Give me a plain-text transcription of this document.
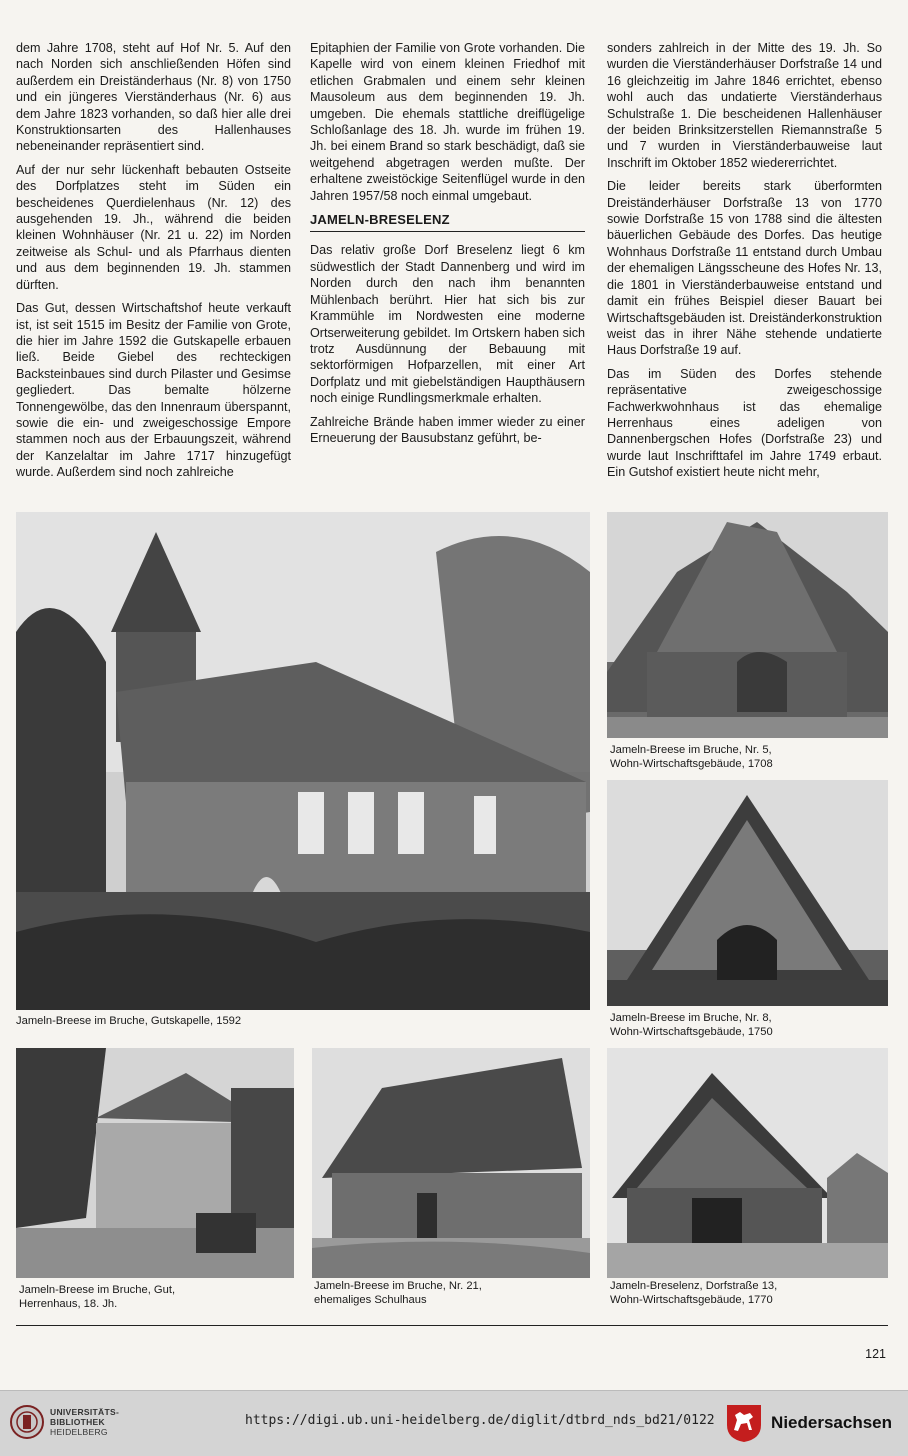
dem Jahre 1708, steht auf Hof Nr. 5. Auf den nach Norden sich anschließenden Höfen sind außerdem ein Dreiständerhaus (Nr. 8) von 1750 und ein jüngeres Vierständerhaus (Nr. 6) aus dem Jahre 1823 vorhanden, so daß hier alle drei Konstruktionsarten des Hallenhauses nebeneinander repräsentiert sind.

Auf der nur sehr lückenhaft bebauten Ostseite des Dorfplatzes steht im Süden ein bescheidenes Querdielenhaus (Nr. 12) des ausgehenden 19. Jh., während die beiden kleinen Wohnhäuser (Nr. 21 u. 22) im Norden zeitweise als Schul- und als Pfarrhaus dienten und aus dem beginnenden 19. Jh. stammen dürften.

Das Gut, dessen Wirtschaftshof heute verkauft ist, ist seit 1515 im Besitz der Familie von Grote, die hier im Jahre 1592 die Gutskapelle erbauen ließ. Beide Giebel des rechteckigen Backsteinbaues sind durch Pilaster und Gesimse gegliedert. Das bemalte hölzerne Tonnengewölbe, das den Innenraum überspannt, sowie die ein- und zweigeschossige Empore stammen noch aus der Erbauungszeit, während der Kanzelaltar im Jahre 1717 hinzugefügt wurde. Außerdem sind noch zahlreiche

Epitaphien der Familie von Grote vorhanden. Die Kapelle wird von einem kleinen Friedhof mit etlichen Grabmalen und einem sehr kleinen Mausoleum aus dem beginnenden 19. Jh. umgeben. Die ehemals stattliche dreiflügelige Schloßanlage des 18. Jh. wurde im frühen 19. Jh. bei einem Brand so stark beschädigt, daß sie weitgehend abgetragen werden mußte. Der erhaltene zweistöckige Seitenflügel wurde in den Jahren 1957/58 noch einmal umgebaut.

JAMELN-BRESELENZ

Das relativ große Dorf Breselenz liegt 6 km südwestlich der Stadt Dannenberg und wird im Norden durch den nach ihm benannten Mühlenbach berührt. Hier hat sich bis zur Krammühle im Nordwesten eine moderne Ortserweiterung gebildet. Im Ortskern haben sich trotz Ausdünnung der Bebauung mit sektorförmigen Hofparzellen, mit einer Art Dorfplatz und mit giebelständigen Haupthäusern noch einige Rundlingsmerkmale erhalten.

Zahlreiche Brände haben immer wieder zu einer Erneuerung der Bausubstanz geführt, be-

sonders zahlreich in der Mitte des 19. Jh. So wurden die Vierständerhäuser Dorfstraße 14 und 16 gleichzeitig im Jahre 1846 errichtet, ebenso wohl auch das undatierte Vierständerhaus Schulstraße 1. Die bescheidenen Hallenhäuser der beiden Brinksitzerstellen Riemannstraße 5 und 7 wurden in Vierständerbauweise laut Inschrift im Oktober 1852 wiedererrichtet.

Die leider bereits stark überformten Dreiständerhäuser Dorfstraße 13 von 1770 sowie Dorfstraße 15 von 1788 sind die ältesten bäuerlichen Gebäude des Dorfes. Das heutige Wohnhaus Dorfstraße 11 entstand durch Umbau der ehemaligen Längsscheune des Hofes Nr. 13, die 1801 in Vierständerbauweise entstand und damit ein frühes Beispiel dieser Bauart bei Wirtschaftsgebäuden ist. Dreiständerkonstruktion weist das in ihrer Nähe stehende undatierte Haus Dorfstraße 19 auf.

Das im Süden des Dorfes stehende repräsentative zweigeschossige Fachwerkwohnhaus ist das ehemalige Herrenhaus eines adeligen von Dannenbergschen Hofes (Dorfstraße 23) und wurde laut Inschrifttafel im Jahre 1749 erbaut. Ein Gutshof existiert heute nicht mehr,

Jameln-Breese im Bruche, Gutskapelle, 1592
Jameln-Breese im Bruche, Nr. 5,
Wohn-Wirtschaftsgebäude, 1708
Jameln-Breese im Bruche, Nr. 8,
Wohn-Wirtschaftsgebäude, 1750
Jameln-Breese im Bruche, Gut,
Herrenhaus, 18. Jh.
Jameln-Breese im Bruche, Nr. 21,
ehemaliges Schulhaus
Jameln-Breselenz, Dorfstraße 13,
Wohn-Wirtschaftsgebäude, 1770
121
UNIVERSITÄTS-
BIBLIOTHEK
HEIDELBERG
https://digi.ub.uni-heidelberg.de/diglit/dtbrd_nds_bd21/0122	Niedersachsen
